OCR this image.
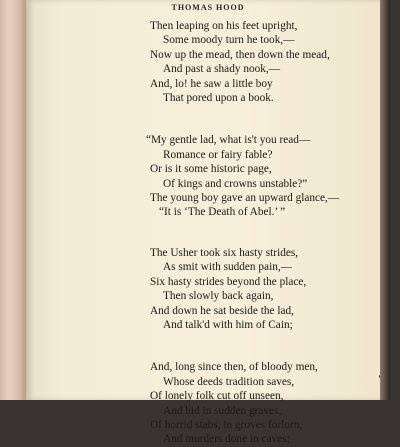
THOMAS HOOD
Then leaping on his feet upright,
Some moody turn he took,—
Now up the mead, then down the mead,
And past a shady nook,—
And, lo! he saw a little boy
That pored upon a book.
“My gentle lad, what is't you read—
Romance or fairy fable?
Or is it some historic page,
Of kings and crowns unstable?”
The young boy gave an upward glance,—
“It is ‘The Death of Abel.’ ”
The Usher took six hasty strides,
As smit with sudden pain,—
Six hasty strides beyond the place,
Then slowly back again,
And down he sat beside the lad,
And talk'd with him of Cain;
And, long since then, of bloody men,
Whose deeds tradition saves,
Of lonely folk cut off unseen,
And hid in sudden graves,
Of horrid stabs, in groves forlorn,
And murders done in caves;
